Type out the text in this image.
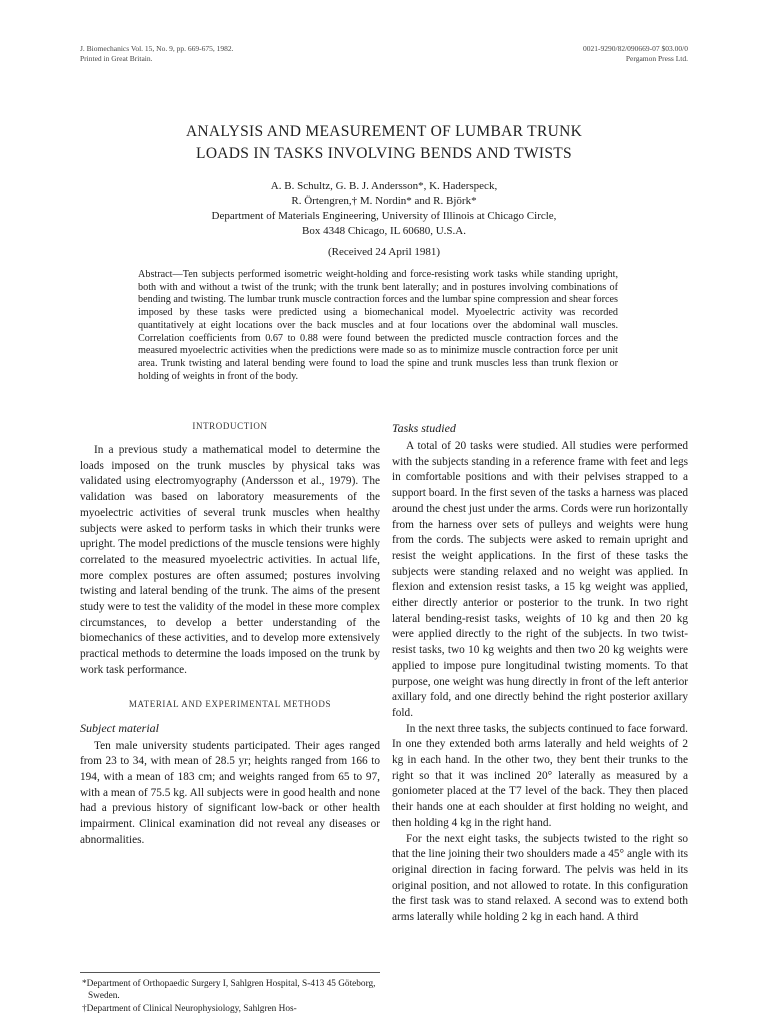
J. Biomechanics Vol. 15, No. 9, pp. 669-675, 1982.
Printed in Great Britain.
0021-9290/82/090669-07 $03.00/0
Pergamon Press Ltd.
ANALYSIS AND MEASUREMENT OF LUMBAR TRUNK
LOADS IN TASKS INVOLVING BENDS AND TWISTS
A. B. Schultz, G. B. J. Andersson*, K. Haderspeck,
R. Örtengren,† M. Nordin* and R. Björk*
Department of Materials Engineering, University of Illinois at Chicago Circle,
Box 4348 Chicago, IL 60680, U.S.A.
(Received 24 April 1981)
Abstract—Ten subjects performed isometric weight-holding and force-resisting work tasks while standing upright, both with and without a twist of the trunk; with the trunk bent laterally; and in postures involving combinations of bending and twisting. The lumbar trunk muscle contraction forces and the lumbar spine compression and shear forces imposed by these tasks were predicted using a biomechanical model. Myoelectric activity was recorded quantitatively at eight locations over the back muscles and at four locations over the abdominal wall muscles. Correlation coefficients from 0.67 to 0.88 were found between the predicted muscle contraction forces and the measured myoelectric activities when the predictions were made so as to minimize muscle contraction force per unit area. Trunk twisting and lateral bending were found to load the spine and trunk muscles less than trunk flexion or holding of weights in front of the body.
INTRODUCTION

In a previous study a mathematical model to determine the loads imposed on the trunk muscles by physical taks was validated using electromyography (Andersson et al., 1979). The validation was based on laboratory measurements of the myoelectric activities of several trunk muscles when healthy subjects were asked to perform tasks in which their trunks were upright. The model predictions of the muscle tensions were highly correlated to the measured myoelectric activities. In actual life, more complex postures are often assumed; postures involving twisting and lateral bending of the trunk. The aims of the present study were to test the validity of the model in these more complex circumstances, to develop a better understanding of the biomechanics of these activities, and to develop more extensively practical methods to determine the loads imposed on the trunk by work task performance.

MATERIAL AND EXPERIMENTAL METHODS
Subject material

Ten male university students participated. Their ages ranged from 23 to 34, with mean of 28.5 yr; heights ranged from 166 to 194, with a mean of 183 cm; and weights ranged from 65 to 97, with a mean of 75.5 kg. All subjects were in good health and none had a previous history of significant low-back or other health impairment. Clinical examination did not reveal any diseases or abnormalities.

*Department of Orthopaedic Surgery I, Sahlgren Hospital, S-413 45 Göteborg, Sweden.
†Department of Clinical Neurophysiology, Sahlgren Hos-
Tasks studied

A total of 20 tasks were studied. All studies were performed with the subjects standing in a reference frame with feet and legs in comfortable positions and with their pelvises strapped to a support board. In the first seven of the tasks a harness was placed around the chest just under the arms. Cords were run horizontally from the harness over sets of pulleys and weights were hung from the cords. The subjects were asked to remain upright and resist the weight applications. In the first of these tasks the subjects were standing relaxed and no weight was applied. In flexion and extension resist tasks, a 15 kg weight was applied, either directly anterior or posterior to the trunk. In two right lateral bending-resist tasks, weights of 10 kg and then 20 kg were applied directly to the right of the subjects. In two twist-resist tasks, two 10 kg weights and then two 20 kg weights were applied to impose pure longitudinal twisting moments. To that purpose, one weight was hung directly in front of the left anterior axillary fold, and one directly behind the right posterior axillary fold.

In the next three tasks, the subjects continued to face forward. In one they extended both arms laterally and held weights of 2 kg in each hand. In the other two, they bent their trunks to the right so that it was inclined 20° laterally as measured by a goniometer placed at the T7 level of the back. They then placed their hands one at each shoulder at first holding no weight, and then holding 4 kg in the right hand.

For the next eight tasks, the subjects twisted to the right so that the line joining their two shoulders made a 45° angle with its original direction in facing forward. The pelvis was held in its original position, and not allowed to rotate. In this configuration the first task was to stand relaxed. A second was to extend both arms laterally while holding 2 kg in each hand. A third
